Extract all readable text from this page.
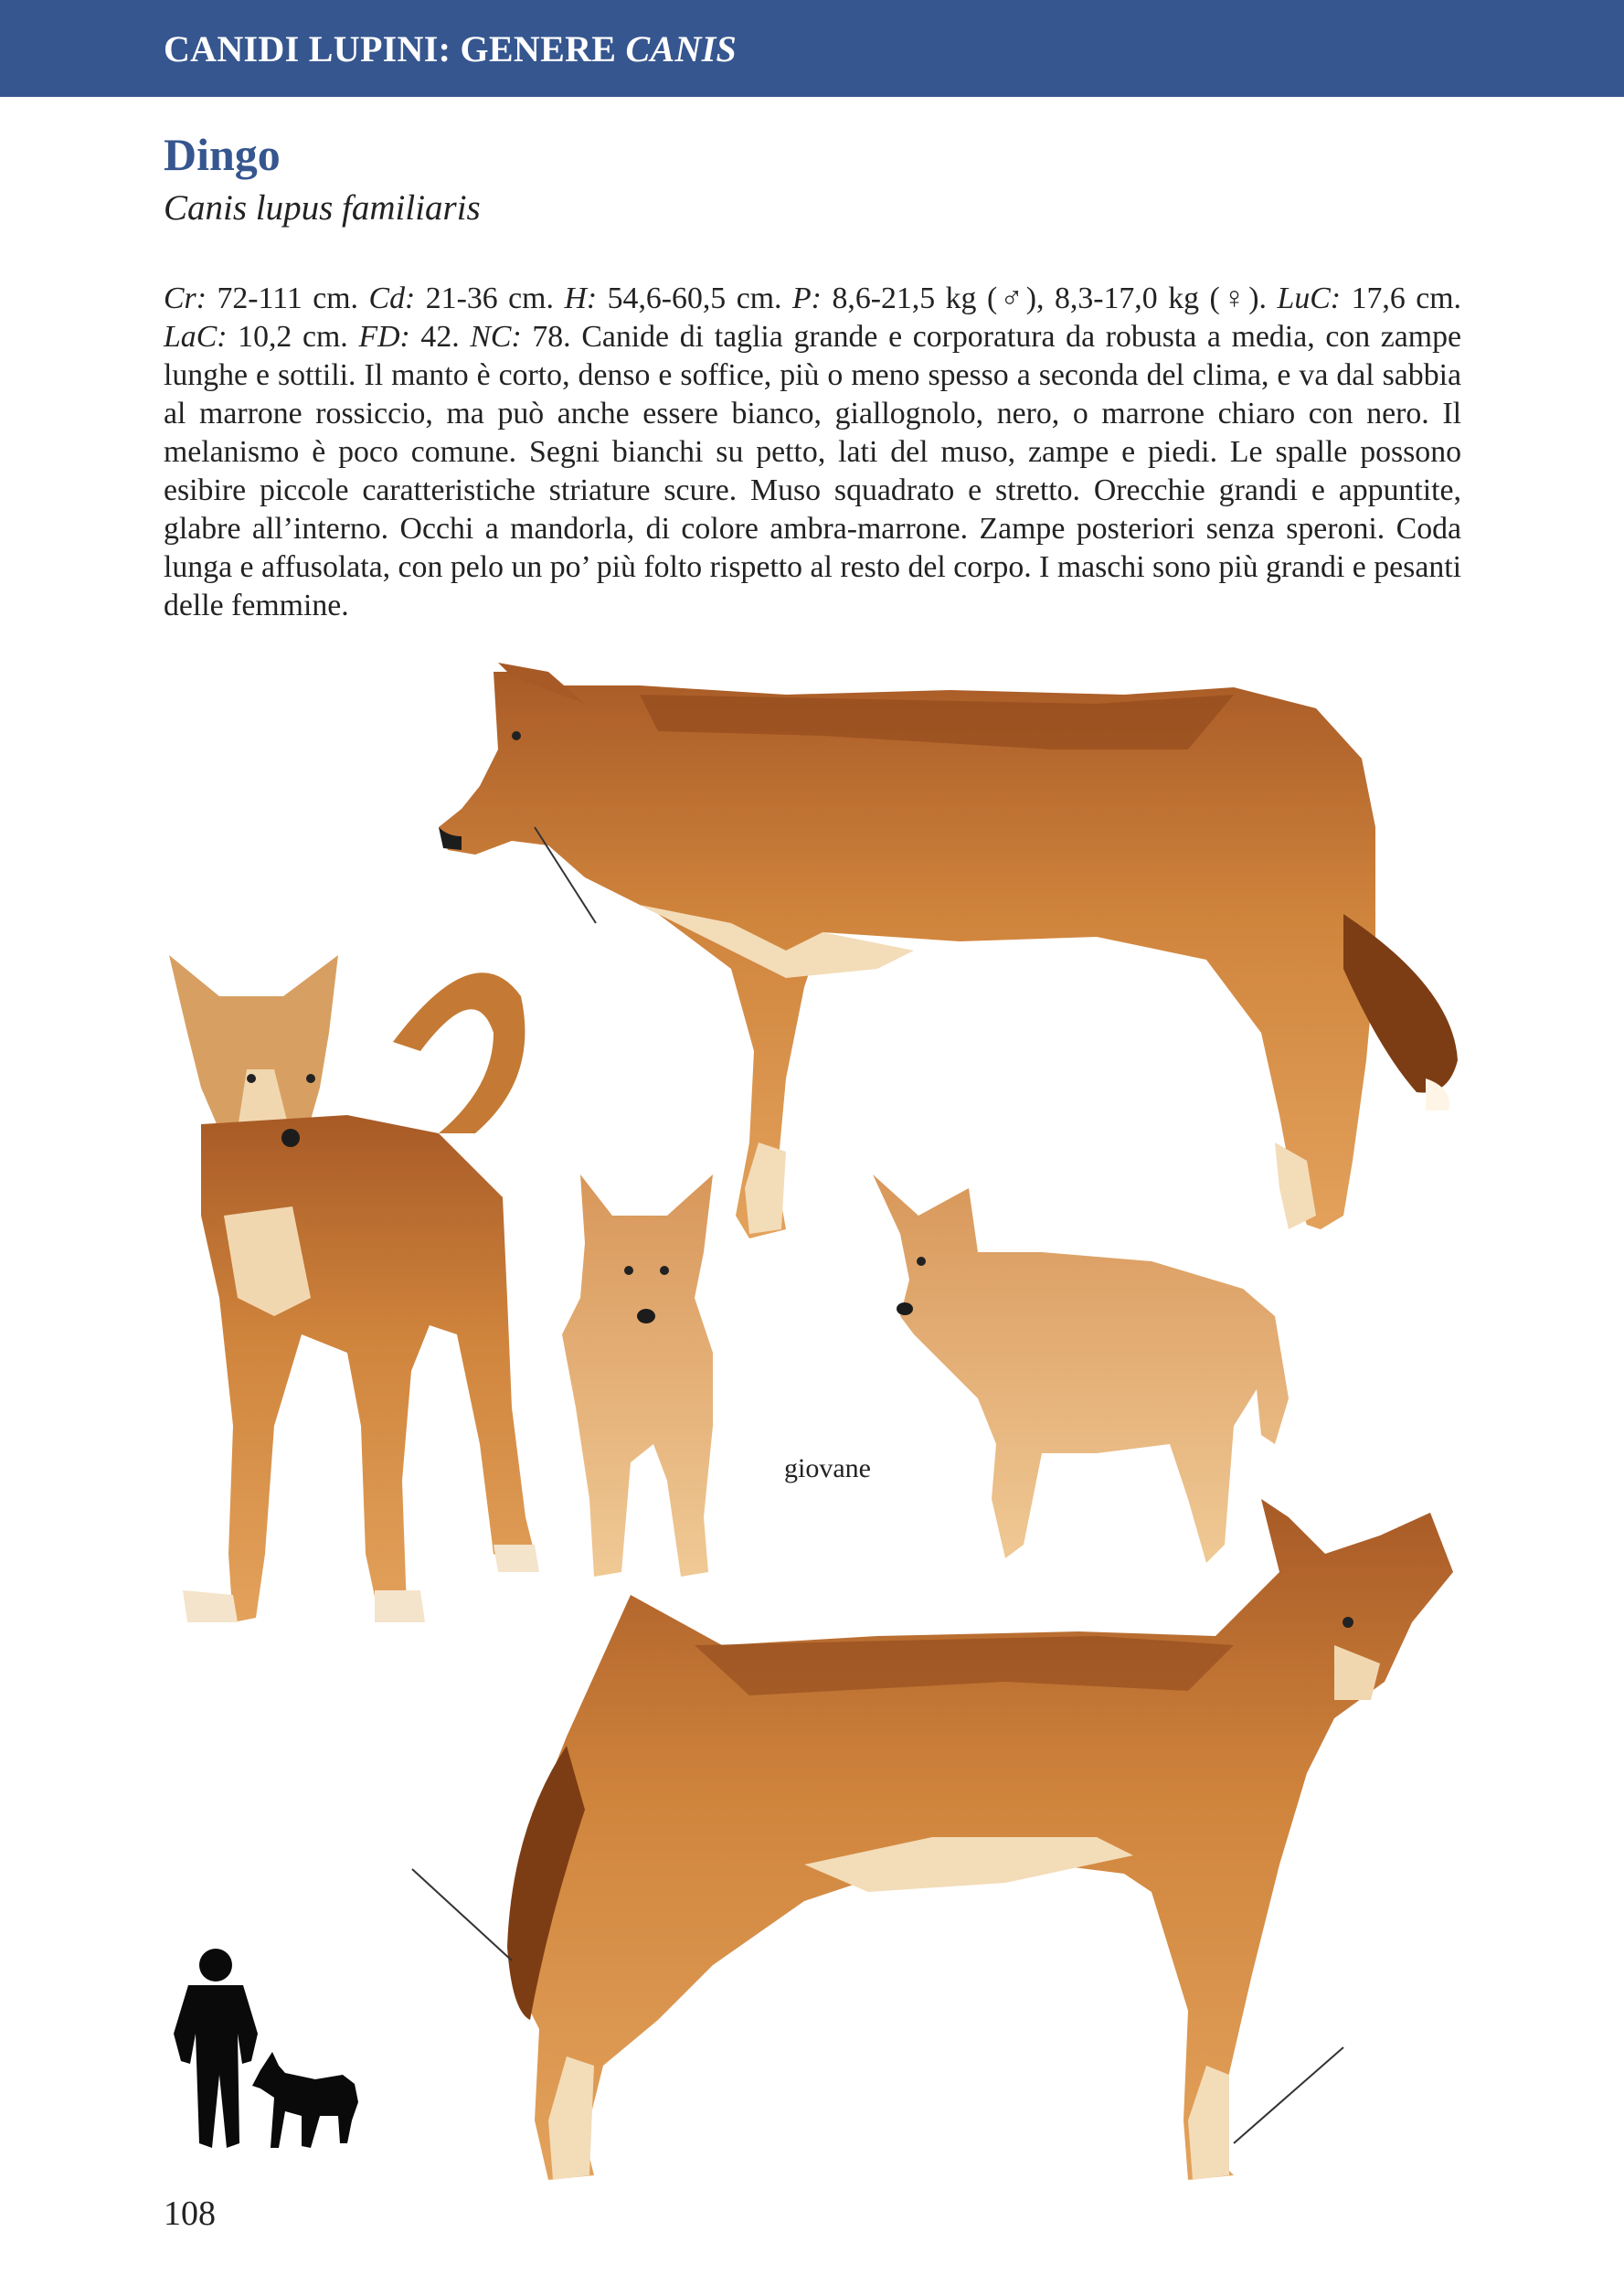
CANIDI LUPINI: GENERE CANIS
Dingo
Canis lupus familiaris
Cr: 72-111 cm. Cd: 21-36 cm. H: 54,6-60,5 cm. P: 8,6-21,5 kg (♂), 8,3-17,0 kg (♀). LuC: 17,6 cm. LaC: 10,2 cm. FD: 42. NC: 78. Canide di taglia grande e corporatura da robusta a media, con zampe lunghe e sottili. Il manto è corto, denso e soffice, più o meno spesso a seconda del clima, e va dal sabbia al marrone rossiccio, ma può anche essere bianco, giallognolo, nero, o marrone chiaro con nero. Il melanismo è poco comune. Segni bianchi su petto, lati del muso, zampe e piedi. Le spalle possono esibire piccole caratteristiche striature scure. Muso squadrato e stretto. Orecchie grandi e appuntite, glabre all’interno. Occhi a mandorla, di colore ambra-marrone. Zampe posteriori senza speroni. Coda lunga e affusolata, con pelo un po’ più folto rispetto al resto del corpo. I maschi sono più grandi e pesanti delle femmine.
giovane
108
